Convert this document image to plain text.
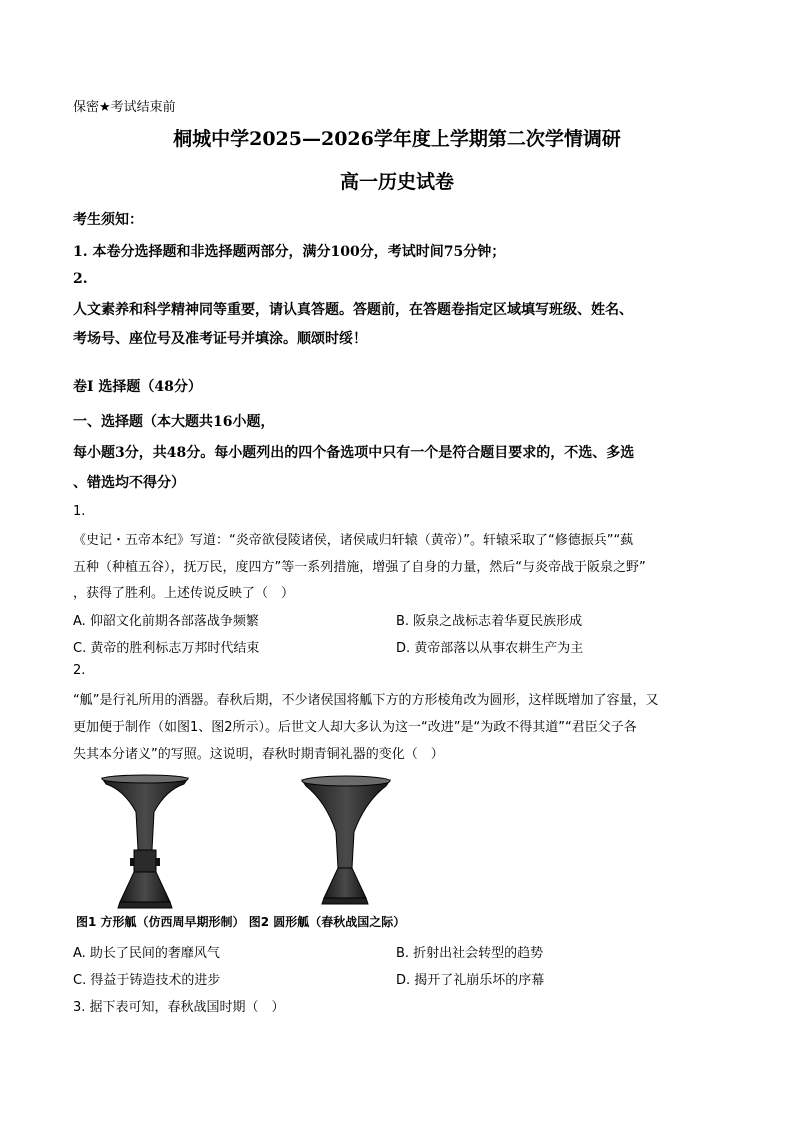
保密★考试结束前
桐城中学2025—2026学年度上学期第二次学情调研
高一历史试卷
考生须知：
1. 本卷分选择题和非选择题两部分，满分100分，考试时间75分钟；
2.
人文素养和科学精神同等重要，请认真答题。答题前，在答题卷指定区域填写班级、姓名、
考场号、座位号及准考证号并填涂。顺颂时绥！
卷Ⅰ 选择题（48分）
一、选择题（本大题共16小题，
每小题3分，共48分。每小题列出的四个备选项中只有一个是符合题目要求的，不选、多选
、错选均不得分）
1.
《史记・五帝本纪》写道：“炎帝欲侵陵诸侯，诸侯咸归轩辕（黄帝）”。轩辕采取了“修德振兵”“蓺
五种（种植五谷），抚万民，度四方”等一系列措施，增强了自身的力量，然后“与炎帝战于阪泉之野”
，获得了胜利。上述传说反映了（　）
A. 仰韶文化前期各部落战争频繁	B. 阪泉之战标志着华夏民族形成
C. 黄帝的胜利标志万邦时代结束	D. 黄帝部落以从事农耕生产为主
2.
“觚”是行礼所用的酒器。春秋后期，不少诸侯国将觚下方的方形棱角改为圆形，这样既增加了容量，又
更加便于制作（如图1、图2所示）。后世文人却大多认为这一“改进”是“为政不得其道”“君臣父子各
失其本分诸义”的写照。这说明，春秋时期青铜礼器的变化（　）
图1 方形觚（仿西周早期形制） 图2 圆形觚（春秋战国之际）
A. 助长了民间的奢靡风气	B. 折射出社会转型的趋势
C. 得益于铸造技术的进步	D. 揭开了礼崩乐坏的序幕
3. 据下表可知，春秋战国时期（　）
